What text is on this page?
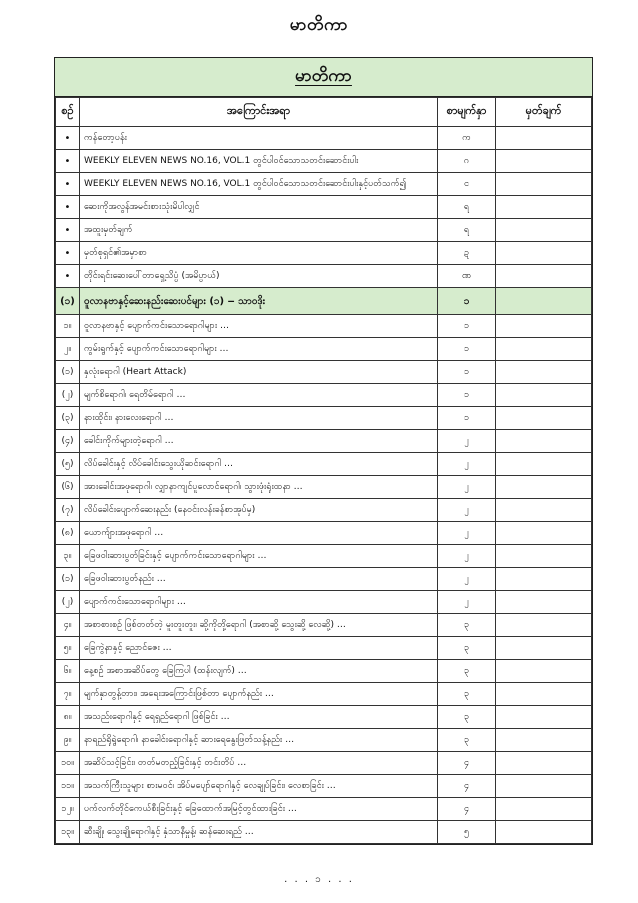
မာတိကာ
မာတိကာ
စဉ်	အကြောင်းအရာ	စာမျက်နှာ	မှတ်ချက်
•	ကန်တော့ပန်း	က	
•	WEEKLY ELEVEN NEWS NO.16, VOL.1 တွင်ပါဝင်သောသတင်းဆောင်းပါး	ဂ	
•	WEEKLY ELEVEN NEWS NO.16, VOL.1 တွင်ပါဝင်သောသတင်းဆောင်းပါးနှင့်ပတ်သက်၍	င	
•	ဆေးကိုအလွန်အမင်းစားသုံးမိပါလျှင်	ရ	
•	အထူးမှတ်ချက်	ရ	
•	မှတ်စုရှင်၏အမှာစာ	ဍ	
•	တိုင်းရင်းဆေးပေါ်တာရှေ့သိပ္ပံ (အမိပ္ပာယ်)	ဏ	
(၁)	ဝူလာနဗာနှင့်ဆေးနည်းဆေးပင်များ (၁) ‒ သာဝဒိုး	၁	
၁။	ဝူလာနဗာနှင့် ပျောက်ကင်းသောရောဂါများ …	၁	
၂။	ကွမ်းရွက်နှင့် ပျောက်ကင်းသောရောဂါများ …	၁	
(၁)	နှလုံးရောဂါ (Heart Attack)	၁	
(၂)	မျက်စိရောဂါ၊ ရေတိမ်ရောဂါ …	၁	
(၃)	နားထိုင်း၊ နားလေးရောဂါ …	၁	
(၄)	ခေါင်းကိုက်များတဲ့ရောဂါ …	၂	
(၅)	လိပ်ခေါင်းနှင့် လိပ်ခေါင်းသွေးယိုဆင်းရောဂါ …	၂	
(၆)	အားခေါင်းအဖုရောဂါ၊ လျှာနာကျင်ပူလောင်ရောဂါ၊ သွားဖုံးရုံးထနာ …	၂	
(၇)	လိပ်ခေါင်းပျောက်ဆေးနည်း (နေဝင်းလန်းခန်စာအုပ်မှ)	၂	
(၈)	ယောက်ျားအဖုရောဂါ …	၂	
၃။	ခြေဖဝါးဆားပွတ်ခြင်းနှင့် ပျောက်ကင်းသောရောဂါများ …	၂	
(၁)	ခြေဖဝါးဆားပွတ်နည်း …	၂	
(၂)	ပျောက်ကင်းသောရောဂါများ …	၂	
၄။	အစာစားစဉ် ဖြစ်တတ်တဲ့ မူးတူးတူး၊ ဆို့ကိုတို့ရောဂါ (အစာဆို့ သွေးဆို့ လေဆို့) …	၃	
၅။	ခြေကွဲနာနှင့် ညောင်ဇေး …	၃	
၆။	နေ့စဉ် အစာအဆိပ်တွေ ခြေကြပါ (ထန်းလျက်) …	၃	
၇။	မျက်နှာတွန့်တား၊ အရေးအကြောင်းဖြစ်တာ ပျောက်နည်း …	၃	
၈။	အသည်းရောဂါနှင့် ရေရှည်ရောဂါ ဖြစ်ခြင်း …	၃	
၉။	နာရည်ရိုရွဲရောဂါ၊ နာခေါင်းရောဂါနှင့် ဆားရေနွေးဖြတ်သန့်နည်း …	၃	
၁၀။	အဆိပ်သင့်ခြင်း၊ တတ်မတည့်ခြင်းနှင့် တင်းတိပ် …	၄	
၁၁။	အသက်ကြီးသူများ စားမဝင်၊ အိပ်မပျော်ရောဂါနှင့် လေချုပ်ခြင်း၊ လေစာခြင်း …	၄	
၁၂။	ပက်လက်တိုင်ကေယ်စီးခြင်းနှင့် ခြေထောက်အမြင့်တွင်ထားခြင်း …	၄	
၁၃။	ဆီးချို၊ သွေးချိုရောဂါနှင့် နှံသာနီမှုန့်၊ ဆန်ဆေးရည် …	၅	
. . . ၁ . . .
